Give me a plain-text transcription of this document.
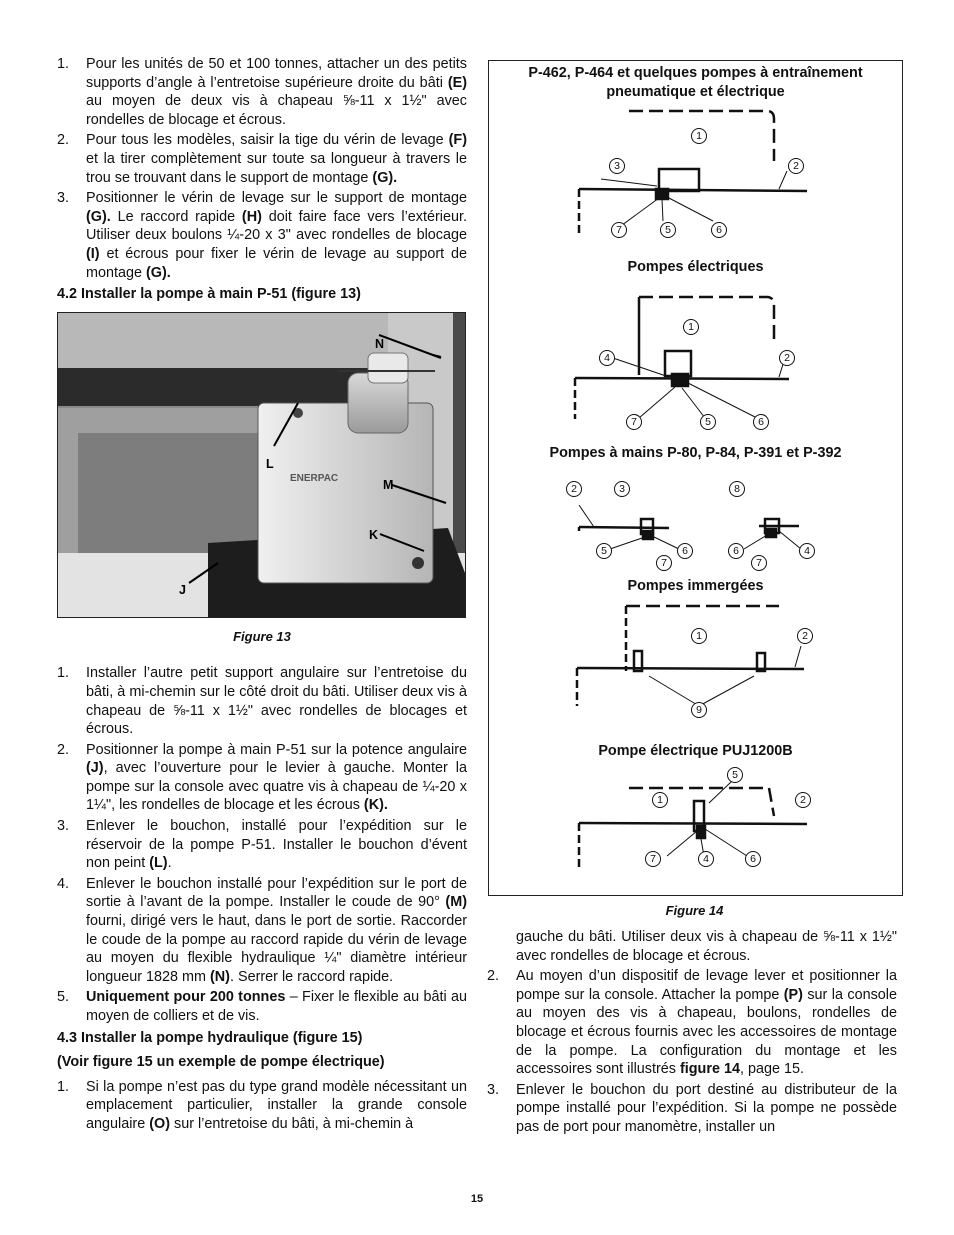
1. Pour les unités de 50 et 100 tonnes, attacher un des petits supports d’angle à l’entretoise supérieure droite du bâti (E) au moyen de deux vis à chapeau ⅝-11 x 1½" avec rondelles de blocage et écrous.
2. Pour tous les modèles, saisir la tige du vérin de levage (F) et la tirer complètement sur toute sa longueur à travers le trou se trouvant dans le support de montage (G).
3. Positionner le vérin de levage sur le support de montage (G). Le raccord rapide (H) doit faire face vers l’extérieur. Utiliser deux boulons ¼-20 x 3" avec rondelles de blocage (I) et écrous pour fixer le vérin de levage au support de montage (G).
4.2 Installer la pompe à main P-51 (figure 13)
N
L
M
K
J
ENERPAC
Figure 13
1. Installer l’autre petit support angulaire sur l’entretoise du bâti, à mi-chemin sur le côté droit du bâti. Utiliser deux vis à chapeau de ⅝-11 x 1½" avec rondelles de blocages et écrous.
2. Positionner la pompe à main P-51 sur la potence angulaire (J), avec l’ouverture pour le levier à gauche. Monter la pompe sur la console avec quatre vis à chapeau de ¼-20 x 1¼", les rondelles de blocage et les écrous (K).
3. Enlever le bouchon, installé pour l’expédition sur le réservoir de la pompe P-51. Installer le bouchon d’évent non peint (L).
4. Enlever le bouchon installé pour l’expédition sur le port de sortie à l’avant de la pompe. Installer le coude de 90° (M) fourni, dirigé vers le haut, dans le port de sortie. Raccorder le coude de la pompe au raccord rapide du vérin de levage au moyen du flexible hydraulique ¼" diamètre intérieur longueur 1828 mm (N). Serrer le raccord rapide.
5. Uniquement pour 200 tonnes – Fixer le flexible au bâti au moyen de colliers et de vis.
4.3 Installer la pompe hydraulique (figure 15)
(Voir figure 15 un exemple de pompe électrique)
1. Si la pompe n’est pas du type grand modèle nécessitant un emplacement particulier, installer la grande console angulaire (O) sur l’entretoise du bâti, à mi-chemin à
P-462, P-464 et quelques pompes à entraînement pneumatique et électrique
Pompes électriques
Pompes à mains P-80, P-84, P-391 et P-392
Pompes immergées
Pompe électrique PUJ1200B
1
3	2
7	5	6
1
4	2
7	5	6
2	3	8
5	6	6	4
7	7
1	2
9
5
1	2
7	4	6
Figure 14
gauche du bâti. Utiliser deux vis à chapeau de ⅝-11 x 1½" avec rondelles de blocage et écrous.
2. Au moyen d’un dispositif de levage lever et positionner la pompe sur la console. Attacher la pompe (P) sur la console au moyen des vis à chapeau, boulons, rondelles de blocage et écrous fournis avec les accessoires de montage de la pompe. La configuration du montage et les accessoires sont illustrés figure 14, page 15.
3. Enlever le bouchon du port destiné au distributeur de la pompe installé pour l’expédition. Si la pompe ne possède pas de port pour manomètre, installer un
15
